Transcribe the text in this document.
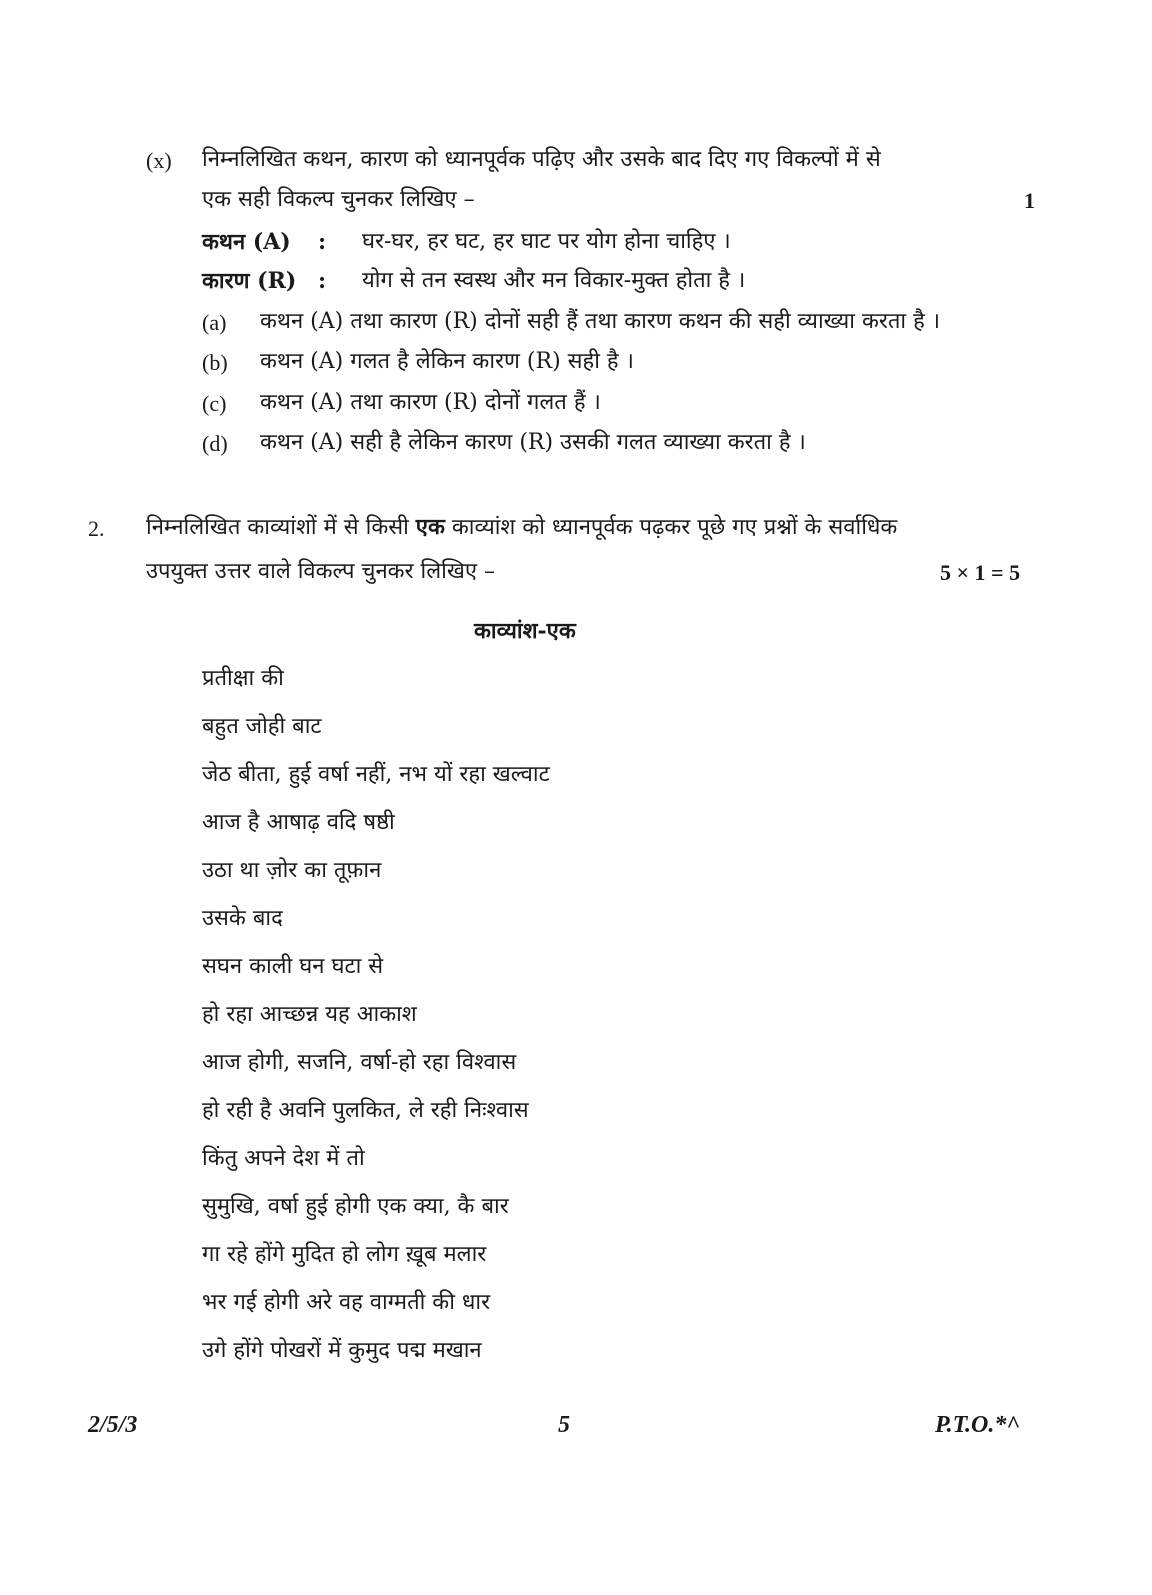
(x) निम्नलिखित कथन, कारण को ध्यानपूर्वक पढ़िए और उसके बाद दिए गए विकल्पों में से
एक सही विकल्प चुनकर लिखिए –	1
कथन (A) : घर-घर, हर घट, हर घाट पर योग होना चाहिए ।
कारण (R) : योग से तन स्वस्थ और मन विकार-मुक्त होता है ।
(a) कथन (A) तथा कारण (R) दोनों सही हैं तथा कारण कथन की सही व्याख्या करता है ।
(b) कथन (A) गलत है लेकिन कारण (R) सही है ।
(c) कथन (A) तथा कारण (R) दोनों गलत हैं ।
(d) कथन (A) सही है लेकिन कारण (R) उसकी गलत व्याख्या करता है ।
2. निम्नलिखित काव्यांशों में से किसी एक काव्यांश को ध्यानपूर्वक पढ़कर पूछे गए प्रश्नों के सर्वाधिक
उपयुक्त उत्तर वाले विकल्प चुनकर लिखिए –	5 × 1 = 5
काव्यांश-एक
प्रतीक्षा की
बहुत जोही बाट
जेठ बीता, हुई वर्षा नहीं, नभ यों रहा खल्वाट
आज है आषाढ़ वदि षष्ठी
उठा था ज़ोर का तूफ़ान
उसके बाद
सघन काली घन घटा से
हो रहा आच्छन्न यह आकाश
आज होगी, सजनि, वर्षा-हो रहा विश्वास
हो रही है अवनि पुलकित, ले रही निःश्वास
किंतु अपने देश में तो
सुमुखि, वर्षा हुई होगी एक क्या, कै बार
गा रहे होंगे मुदित हो लोग ख़ूब मलार
भर गई होगी अरे वह वाग्मती की धार
उगे होंगे पोखरों में कुमुद पद्म मखान
2/5/3	5	P.T.O.*^
